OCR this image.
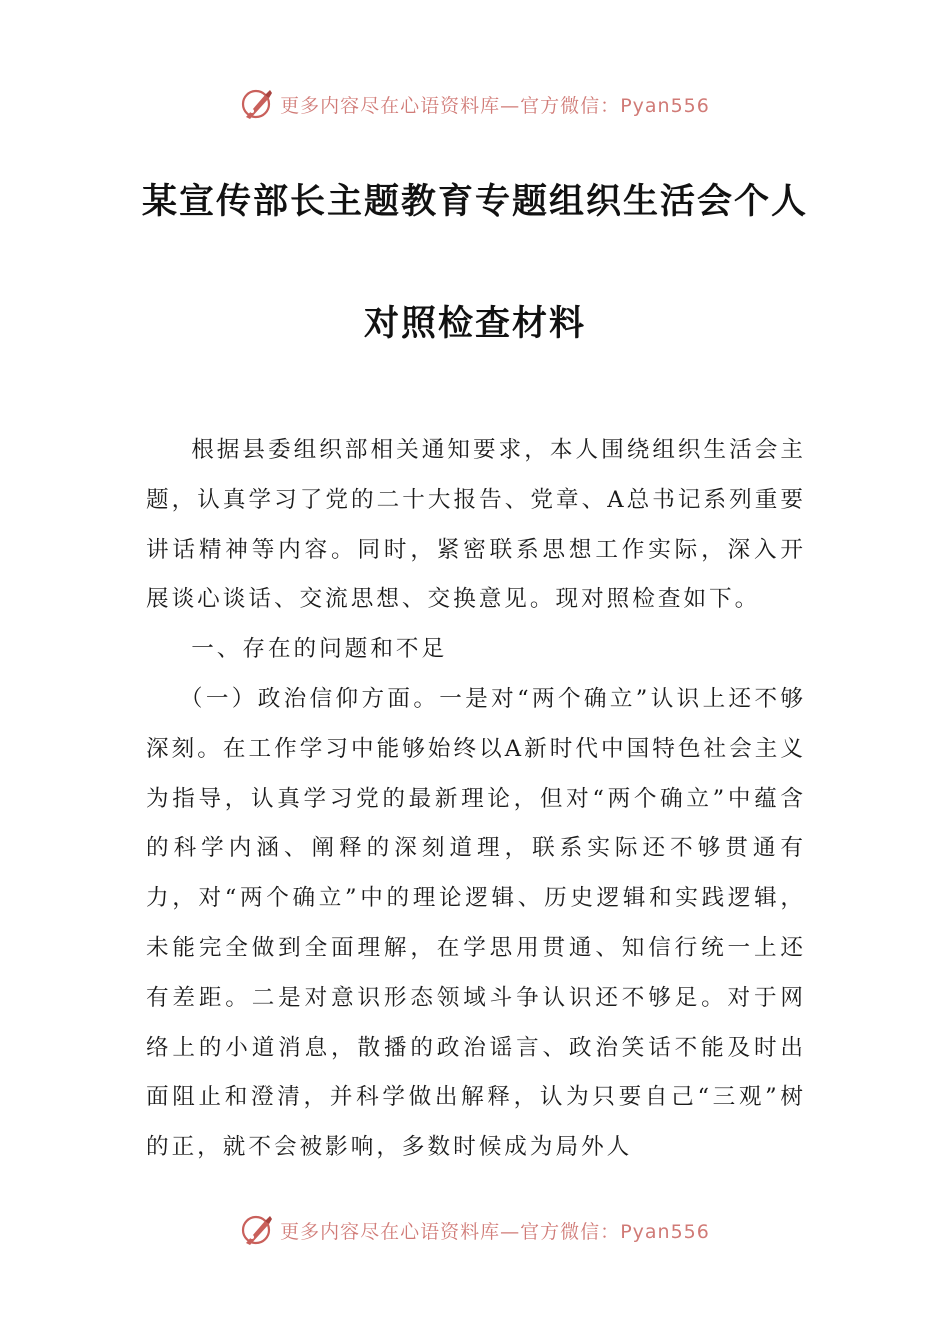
更多内容尽在心语资料库—官方微信：Pyan556
某宣传部长主题教育专题组织生活会个人
对照检查材料

根据县委组织部相关通知要求，本人围绕组织生活会主题，认真学习了党的二十大报告、党章、A总书记系列重要讲话精神等内容。同时，紧密联系思想工作实际，深入开展谈心谈话、交流思想、交换意见。现对照检查如下。

一、存在的问题和不足

（一）政治信仰方面。一是对“两个确立”认识上还不够深刻。在工作学习中能够始终以A新时代中国特色社会主义为指导，认真学习党的最新理论，但对“两个确立”中蕴含的科学内涵、阐释的深刻道理，联系实际还不够贯通有力，对“两个确立”中的理论逻辑、历史逻辑和实践逻辑，未能完全做到全面理解，在学思用贯通、知信行统一上还有差距。二是对意识形态领域斗争认识还不够足。对于网络上的小道消息，散播的政治谣言、政治笑话不能及时出面阻止和澄清，并科学做出解释，认为只要自己“三观”树的正，就不会被影响，多数时候成为局外人

更多内容尽在心语资料库—官方微信：Pyan556
